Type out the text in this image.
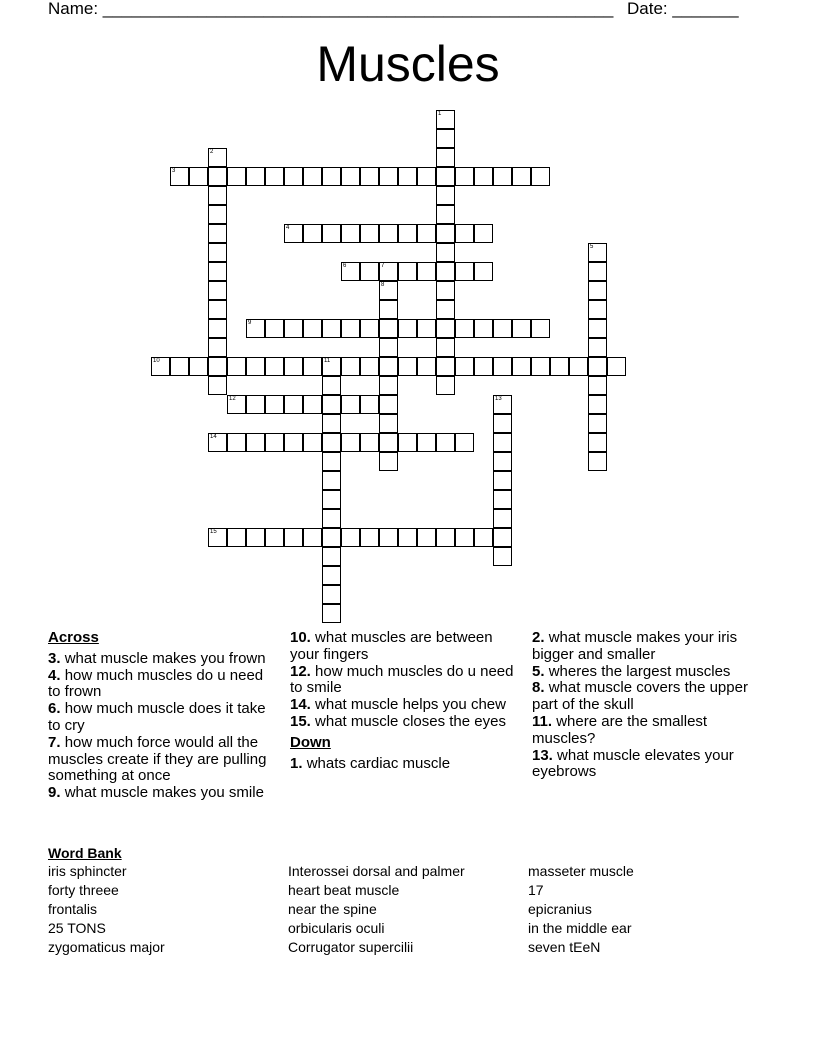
Name: ______________________________________________________ Date: _______
Muscles
3
4
6	7
9
10	11
12
14
15
1
2
5
8
13
Across
3. what muscle makes you frown
4. how much muscles do u need to frown
6. how much muscle does it take to cry
7. how much force would all the muscles create if they are pulling something at once
9. what muscle makes you smile
10. what muscles are between your fingers
12. how much muscles do u need to smile
14. what muscle helps you chew
15. what muscle closes the eyes
Down
1. whats cardiac muscle
2. what muscle makes your iris bigger and smaller
5. wheres the largest muscles
8. what muscle covers the upper part of the skull
11. where are the smallest muscles?
13. what muscle elevates your eyebrows
Word Bank
iris sphincter
forty threee
frontalis
25 TONS
zygomaticus major
Interossei dorsal and palmer
heart beat muscle
near the spine
orbicularis oculi
Corrugator supercilii
masseter muscle
17
epicranius
in the middle ear
seven tEeN
